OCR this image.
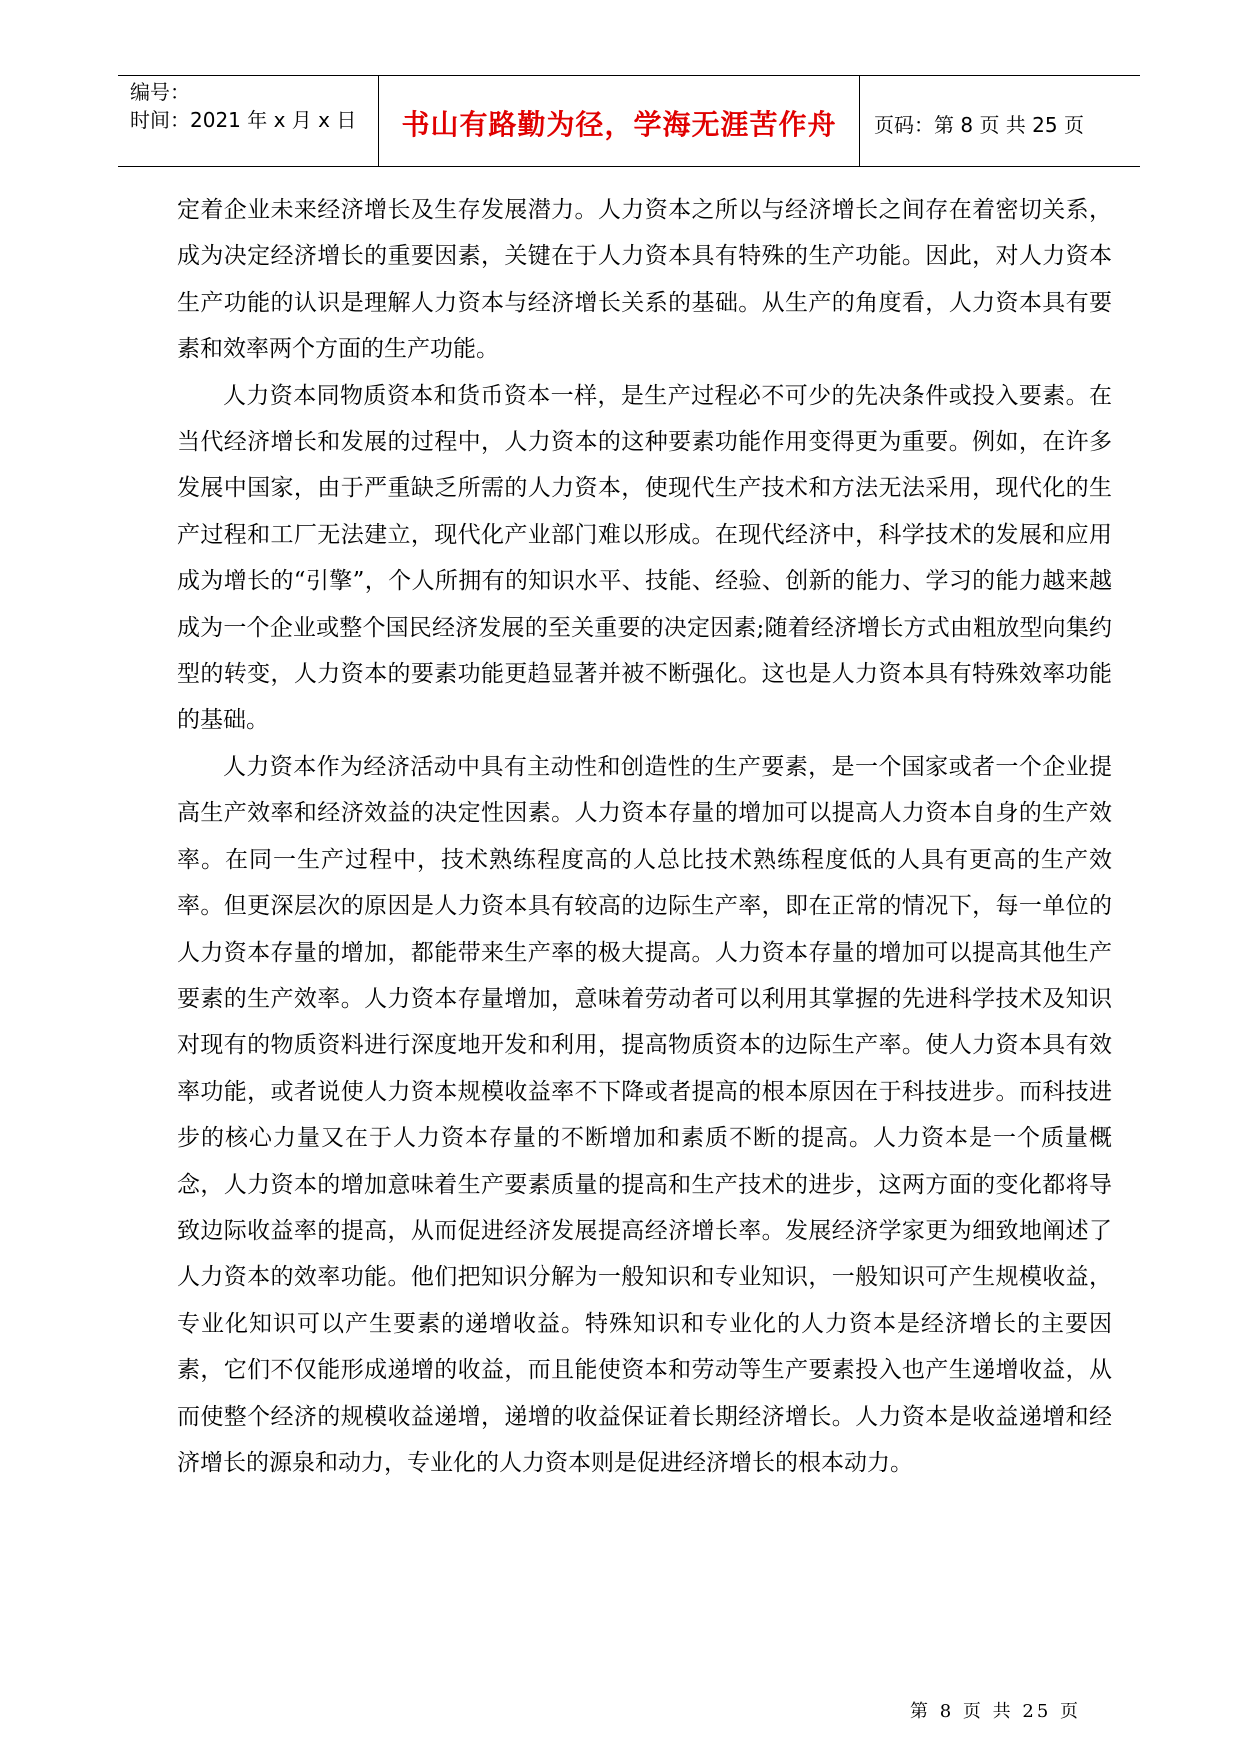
编号：
时间：2021 年 x 月 x 日	书山有路勤为径，学海无涯苦作舟	页码：第 8 页 共 25 页

定着企业未来经济增长及生存发展潜力。人力资本之所以与经济增长之间存在着密切关系，成为决定经济增长的重要因素，关键在于人力资本具有特殊的生产功能。因此，对人力资本生产功能的认识是理解人力资本与经济增长关系的基础。从生产的角度看，人力资本具有要素和效率两个方面的生产功能。

人力资本同物质资本和货币资本一样，是生产过程必不可少的先决条件或投入要素。在当代经济增长和发展的过程中，人力资本的这种要素功能作用变得更为重要。例如，在许多发展中国家，由于严重缺乏所需的人力资本，使现代生产技术和方法无法采用，现代化的生产过程和工厂无法建立，现代化产业部门难以形成。在现代经济中，科学技术的发展和应用成为增长的“引擎”，个人所拥有的知识水平、技能、经验、创新的能力、学习的能力越来越成为一个企业或整个国民经济发展的至关重要的决定因素;随着经济增长方式由粗放型向集约型的转变，人力资本的要素功能更趋显著并被不断强化。这也是人力资本具有特殊效率功能的基础。

人力资本作为经济活动中具有主动性和创造性的生产要素，是一个国家或者一个企业提高生产效率和经济效益的决定性因素。人力资本存量的增加可以提高人力资本自身的生产效率。在同一生产过程中，技术熟练程度高的人总比技术熟练程度低的人具有更高的生产效率。但更深层次的原因是人力资本具有较高的边际生产率，即在正常的情况下，每一单位的人力资本存量的增加，都能带来生产率的极大提高。人力资本存量的增加可以提高其他生产要素的生产效率。人力资本存量增加，意味着劳动者可以利用其掌握的先进科学技术及知识对现有的物质资料进行深度地开发和利用，提高物质资本的边际生产率。使人力资本具有效率功能，或者说使人力资本规模收益率不下降或者提高的根本原因在于科技进步。而科技进步的核心力量又在于人力资本存量的不断增加和素质不断的提高。人力资本是一个质量概念，人力资本的增加意味着生产要素质量的提高和生产技术的进步，这两方面的变化都将导致边际收益率的提高，从而促进经济发展提高经济增长率。发展经济学家更为细致地阐述了人力资本的效率功能。他们把知识分解为一般知识和专业知识，一般知识可产生规模收益，专业化知识可以产生要素的递增收益。特殊知识和专业化的人力资本是经济增长的主要因素，它们不仅能形成递增的收益，而且能使资本和劳动等生产要素投入也产生递增收益，从而使整个经济的规模收益递增，递增的收益保证着长期经济增长。人力资本是收益递增和经济增长的源泉和动力，专业化的人力资本则是促进经济增长的根本动力。

第 8 页 共 25 页
